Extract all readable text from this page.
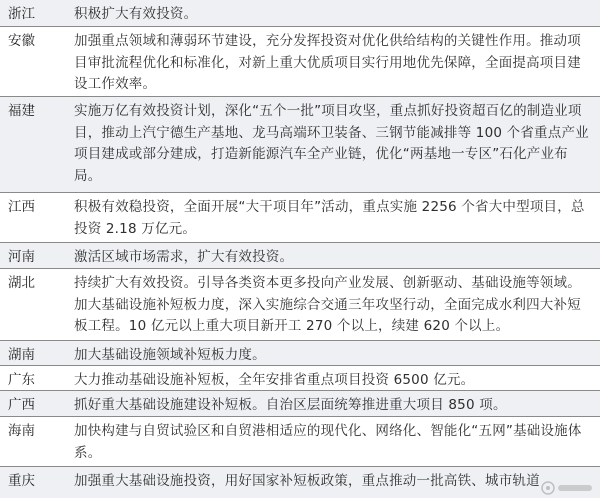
浙江	积极扩大有效投资。
安徽	加强重点领域和薄弱环节建设，充分发挥投资对优化供给结构的关键性作用。推动项目审批流程优化和标准化，对新上重大优质项目实行用地优先保障，全面提高项目建设工作效率。
福建	实施万亿有效投资计划，深化“五个一批”项目攻坚，重点抓好投资超百亿的制造业项目，推动上汽宁德生产基地、龙马高端环卫装备、三钢节能减排等 100 个省重点产业项目建成或部分建成，打造新能源汽车全产业链，优化“两基地一专区”石化产业布局。
江西	积极有效稳投资，全面开展“大干项目年”活动，重点实施 2256 个省大中型项目，总投资 2.18 万亿元。
河南	激活区域市场需求，扩大有效投资。
湖北	持续扩大有效投资。引导各类资本更多投向产业发展、创新驱动、基础设施等领域。加大基础设施补短板力度，深入实施综合交通三年攻坚行动，全面完成水利四大补短板工程。10 亿元以上重大项目新开工 270 个以上，续建 620 个以上。
湖南	加大基础设施领域补短板力度。
广东	大力推动基础设施补短板，全年安排省重点项目投资 6500 亿元。
广西	抓好重大基础设施建设补短板。自治区层面统筹推进重大项目 850 项。
海南	加快构建与自贸试验区和自贸港相适应的现代化、网络化、智能化“五网”基础设施体系。
重庆	加强重大基础设施投资，用好国家补短板政策，重点推动一批高铁、城市轨道
